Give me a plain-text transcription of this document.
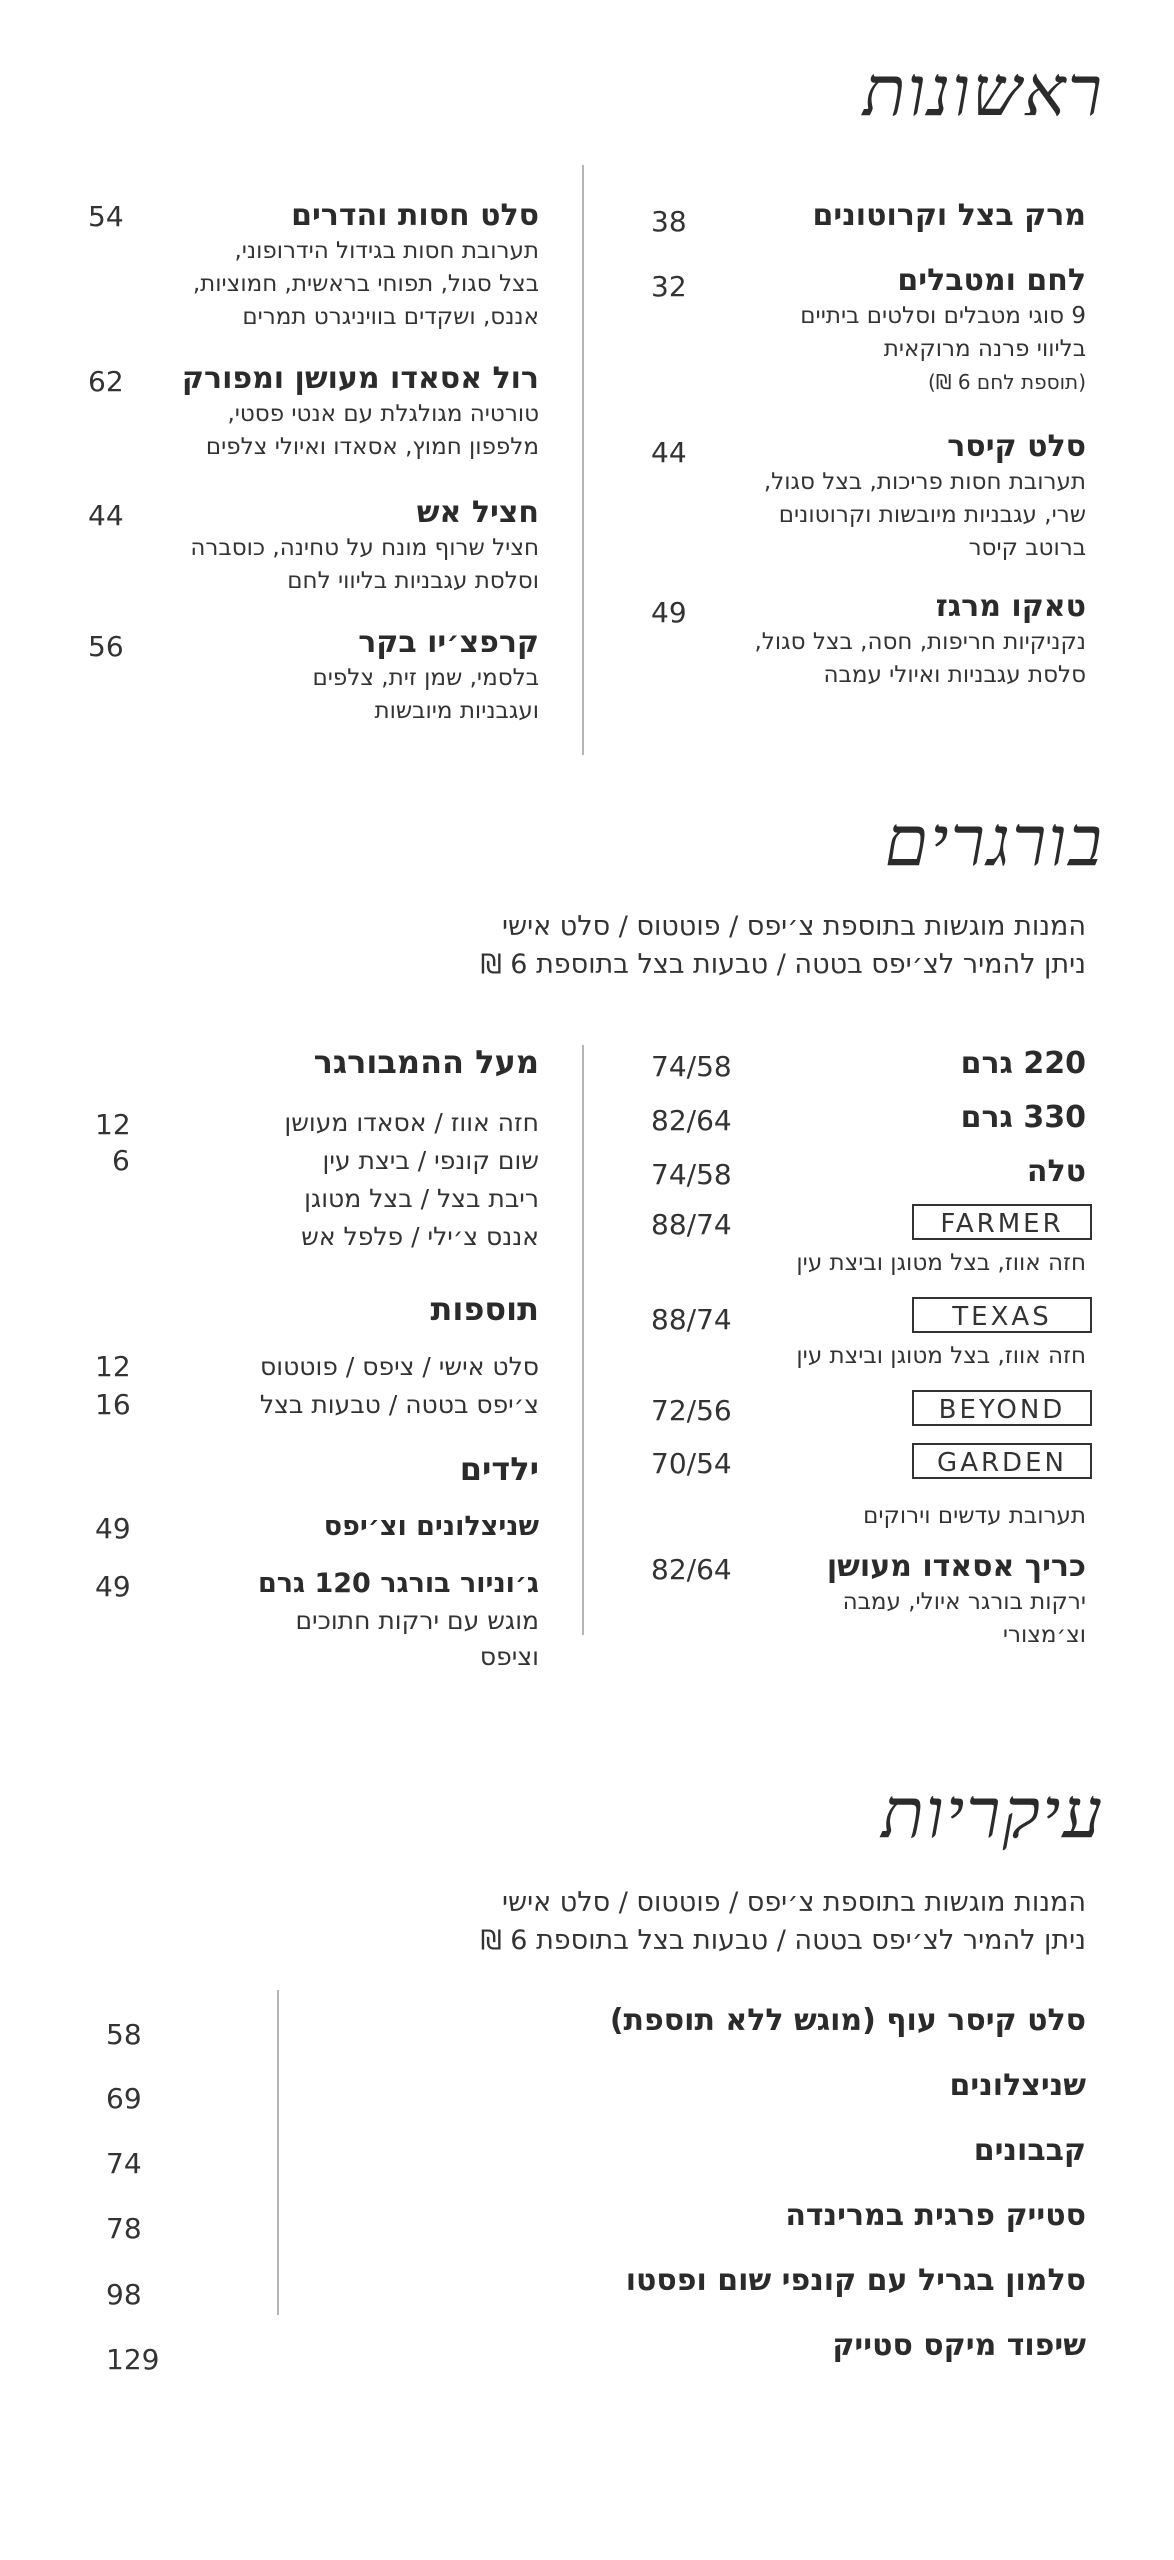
ראשונות
מרק בצל וקרוטונים
38
לחם ומטבלים
9 סוגי מטבלים וסלטים ביתיים
בליווי פרנה מרוקאית
(תוספת לחם 6 ₪)
32
סלט קיסר
תערובת חסות פריכות, בצל סגול,
שרי, עגבניות מיובשות וקרוטונים
ברוטב קיסר
44
טאקו מרגז
נקניקיות חריפות, חסה, בצל סגול,
סלסת עגבניות ואיולי עמבה
49
סלט חסות והדרים
תערובת חסות בגידול הידרופוני,
בצל סגול, תפוחי בראשית, חמוציות,
אננס, ושקדים בוויניגרט תמרים
54
רול אסאדו מעושן ומפורק
טורטיה מגולגלת עם אנטי פסטי,
מלפפון חמוץ, אסאדו ואיולי צלפים
62
חציל אש
חציל שרוף מונח על טחינה, כוסברה
וסלסת עגבניות בליווי לחם
44
קרפצ׳יו בקר
בלסמי, שמן זית, צלפים
ועגבניות מיובשות
56
בורגרים
המנות מוגשות בתוספת צ׳יפס / פוטטוס / סלט אישי
ניתן להמיר לצ׳יפס בטטה / טבעות בצל בתוספת 6 ₪
220 גרם
74/58
330 גרם
82/64
טלה
74/58
FARMER
88/74
חזה אווז, בצל מטוגן וביצת עין
TEXAS
88/74
חזה אווז, בצל מטוגן וביצת עין
BEYOND
72/56
GARDEN
70/54
תערובת עדשים וירוקים
כריך אסאדו מעושן
ירקות בורגר איולי, עמבה
וצ׳מצורי
82/64
מעל ההמבורגר
חזה אווז / אסאדו מעושן
12
שום קונפי / ביצת עין
6
ריבת בצל / בצל מטוגן
אננס צ׳ילי / פלפל אש
תוספות
סלט אישי / ציפס / פוטטוס
12
צ׳יפס בטטה / טבעות בצל
16
ילדים
שניצלונים וצ׳יפס
49
ג׳וניור בורגר 120 גרם
מוגש עם ירקות חתוכים
וציפס
49
עיקריות
המנות מוגשות בתוספת צ׳יפס / פוטטוס / סלט אישי
ניתן להמיר לצ׳יפס בטטה / טבעות בצל בתוספת 6 ₪
סלט קיסר עוף (מוגש ללא תוספת)
58
שניצלונים
69
קבבונים
74
סטייק פרגית במרינדה
78
סלמון בגריל עם קונפי שום ופסטו
98
שיפוד מיקס סטייק
129
